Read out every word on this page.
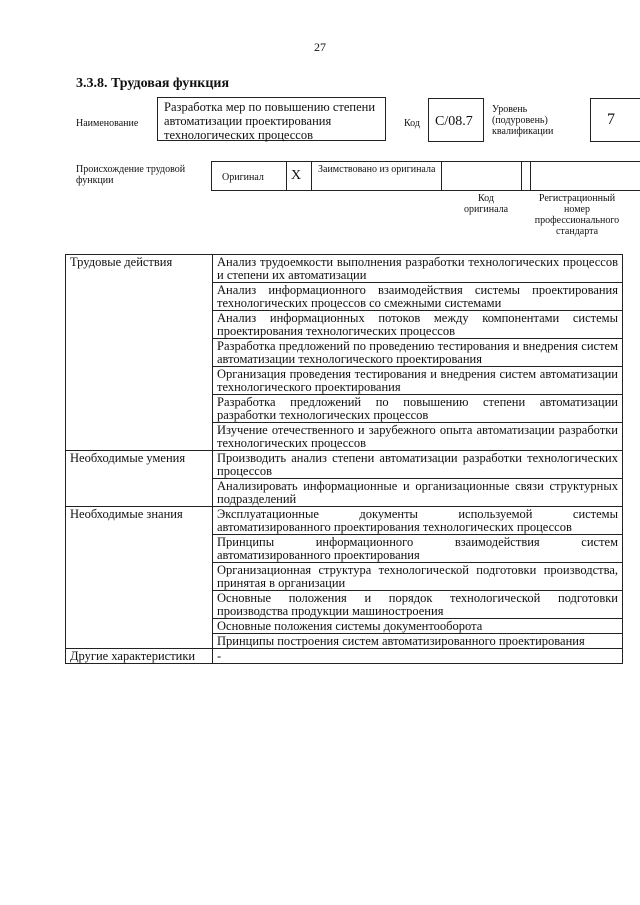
27
3.3.8. Трудовая функция
Наименование
Разработка мер по повышению степени автоматизации проектирования технологических процессов
Код	C/08.7
Уровень (подуровень) квалификации
7
Происхождение трудовой функции	Оригинал X Заимствовано из оригинала
Код оригинала
Регистрационный номер профессионального стандарта
Трудовые действия	Анализ трудоемкости выполнения разработки технологических процессов и степени их автоматизации
	Анализ информационного взаимодействия системы проектирования технологических процессов со смежными системами
	Анализ информационных потоков между компонентами системы проектирования технологических процессов
	Разработка предложений по проведению тестирования и внедрения систем автоматизации технологического проектирования
	Организация проведения тестирования и внедрения систем автоматизации технологического проектирования
	Разработка предложений по повышению степени автоматизации разработки технологических процессов
	Изучение отечественного и зарубежного опыта автоматизации разработки технологических процессов
Необходимые умения	Производить анализ степени автоматизации разработки технологических процессов
	Анализировать информационные и организационные связи структурных подразделений
Необходимые знания	Эксплуатационные документы используемой системы автоматизированного проектирования технологических процессов
	Принципы информационного взаимодействия систем автоматизированного проектирования
	Организационная структура технологической подготовки производства, принятая в организации
	Основные положения и порядок технологической подготовки производства продукции машиностроения
	Основные положения системы документооборота
	Принципы построения систем автоматизированного проектирования
Другие характеристики	-
